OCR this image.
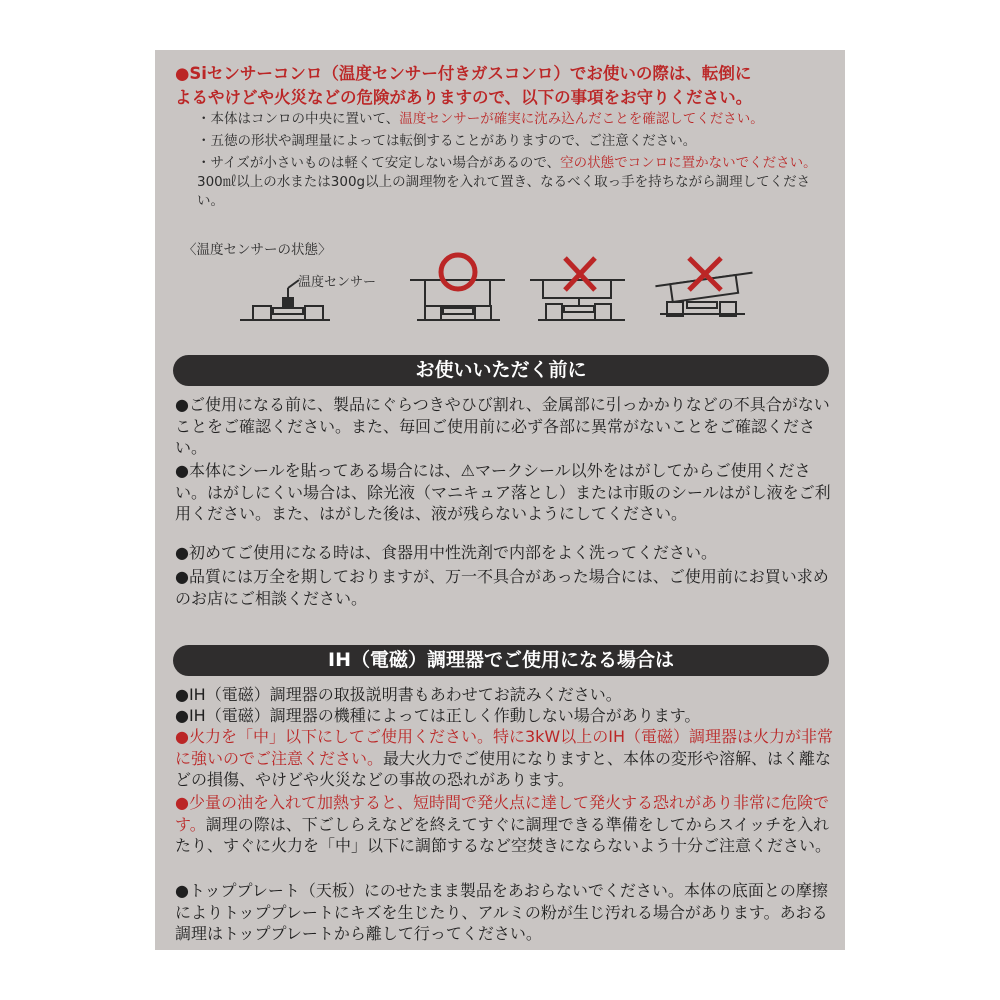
●Siセンサーコンロ（温度センサー付きガスコンロ）でお使いの際は、転倒に
よるやけどや火災などの危険がありますので、以下の事項をお守りください。
・本体はコンロの中央に置いて、温度センサーが確実に沈み込んだことを確認してください。
・五徳の形状や調理量によっては転倒することがありますので、ご注意ください。
・サイズが小さいものは軽くて安定しない場合があるので、空の状態でコンロに置かないでください。300㎖以上の水または300g以上の調理物を入れて置き、なるべく取っ手を持ちながら調理してください。
〈温度センサーの状態〉
温度センサー
お使いいただく前に
●ご使用になる前に、製品にぐらつきやひび割れ、金属部に引っかかりなどの不具合がないことをご確認ください。また、毎回ご使用前に必ず各部に異常がないことをご確認ください。
●本体にシールを貼ってある場合には、⚠マークシール以外をはがしてからご使用ください。はがしにくい場合は、除光液（マニキュア落とし）または市販のシールはがし液をご利用ください。また、はがした後は、液が残らないようにしてください。
●初めてご使用になる時は、食器用中性洗剤で内部をよく洗ってください。
●品質には万全を期しておりますが、万一不具合があった場合には、ご使用前にお買い求めのお店にご相談ください。
IH（電磁）調理器でご使用になる場合は
●IH（電磁）調理器の取扱説明書もあわせてお読みください。
●IH（電磁）調理器の機種によっては正しく作動しない場合があります。
●火力を「中」以下にしてご使用ください。特に3kW以上のIH（電磁）調理器は火力が非常に強いのでご注意ください。最大火力でご使用になりますと、本体の変形や溶解、はく離などの損傷、やけどや火災などの事故の恐れがあります。
●少量の油を入れて加熱すると、短時間で発火点に達して発火する恐れがあり非常に危険です。調理の際は、下ごしらえなどを終えてすぐに調理できる準備をしてからスイッチを入れたり、すぐに火力を「中」以下に調節するなど空焚きにならないよう十分ご注意ください。
●トッププレート（天板）にのせたまま製品をあおらないでください。本体の底面との摩擦によりトッププレートにキズを生じたり、アルミの粉が生じ汚れる場合があります。あおる調理はトッププレートから離して行ってください。
